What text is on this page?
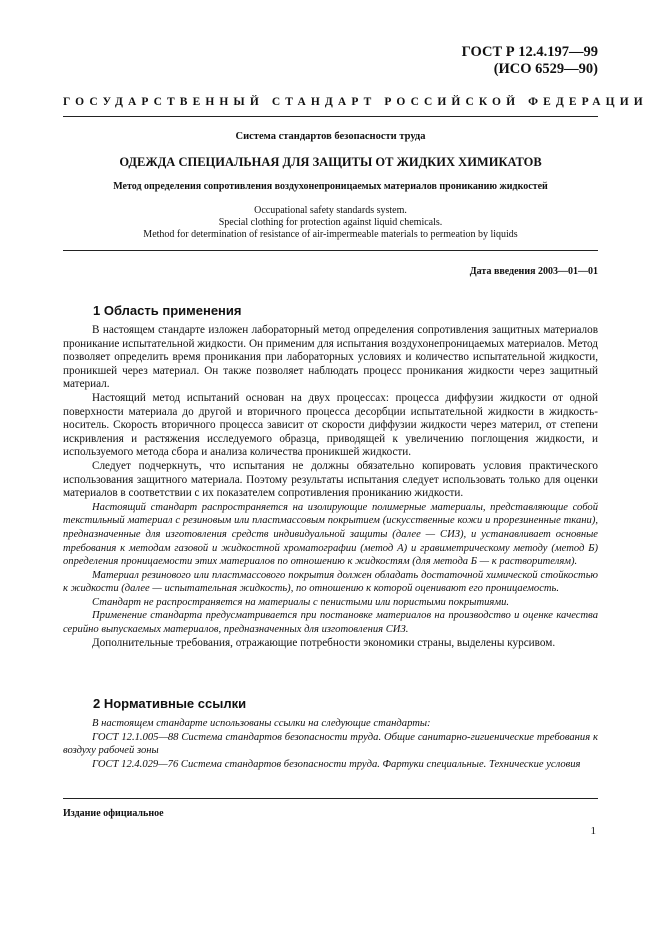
ГОСТ Р 12.4.197—99
(ИСО 6529—90)
ГОСУДАРСТВЕННЫЙ СТАНДАРТ РОССИЙСКОЙ ФЕДЕРАЦИИ
Система стандартов безопасности труда
ОДЕЖДА СПЕЦИАЛЬНАЯ ДЛЯ ЗАЩИТЫ ОТ ЖИДКИХ ХИМИКАТОВ
Метод определения сопротивления воздухонепроницаемых материалов прониканию жидкостей
Occupational safety standards system.
Special clothing for protection against liquid chemicals.
Method for determination of resistance of air-impermeable materials to permeation by liquids
Дата введения 2003—01—01
1 Область применения

В настоящем стандарте изложен лабораторный метод определения сопротивления защитных материалов проникание испытательной жидкости. Он применим для испытания воздухонепроницаемых материалов. Метод позволяет определить время проникания при лабораторных условиях и количество испытательной жидкости, проникшей через материал. Он также позволяет наблюдать процесс проникания жидкости через защитный материал.

Настоящий метод испытаний основан на двух процессах: процесса диффузии жидкости от одной поверхности материала до другой и вторичного процесса десорбции испытательной жидкости в жидкость-носитель. Скорость вторичного процесса зависит от скорости диффузии жидкости через материл, от степени искривления и растяжения исследуемого образца, приводящей к увеличению поглощения жидкости, и используемого метода сбора и анализа количества проникшей жидкости.

Следует подчеркнуть, что испытания не должны обязательно копировать условия практического использования защитного материала. Поэтому результаты испытания следует использовать только для оценки материалов в соответствии с их показателем сопротивления прониканию жидкости.

Настоящий стандарт распространяется на изолирующие полимерные материалы, представляющие собой текстильный материал с резиновым или пластмассовым покрытием (искусственные кожи и прорезиненные ткани), предназначенные для изготовления средств индивидуальной защиты (далее — СИЗ), и устанавливает основные требования к методам газовой и жидкостной хроматографии (метод А) и гравиметрическому методу (метод Б) определения проницаемости этих материалов по отношению к жидкостям (для метода Б — к растворителям).

Материал резинового или пластмассового покрытия должен обладать достаточной химической стойкостью к жидкости (далее — испытательная жидкость), по отношению к которой оценивают его проницаемость.

Стандарт не распространяется на материалы с пенистыми или пористыми покрытиями.

Применение стандарта предусматривается при постановке материалов на производство и оценке качества серийно выпускаемых материалов, предназначенных для изготовления СИЗ.

Дополнительные требования, отражающие потребности экономики страны, выделены курсивом.

2 Нормативные ссылки

В настоящем стандарте использованы ссылки на следующие стандарты:

ГОСТ 12.1.005—88 Система стандартов безопасности труда. Общие санитарно-гигиенические требования к воздуху рабочей зоны

ГОСТ 12.4.029—76 Система стандартов безопасности труда. Фартуки специальные. Технические условия

Издание официальное
1
